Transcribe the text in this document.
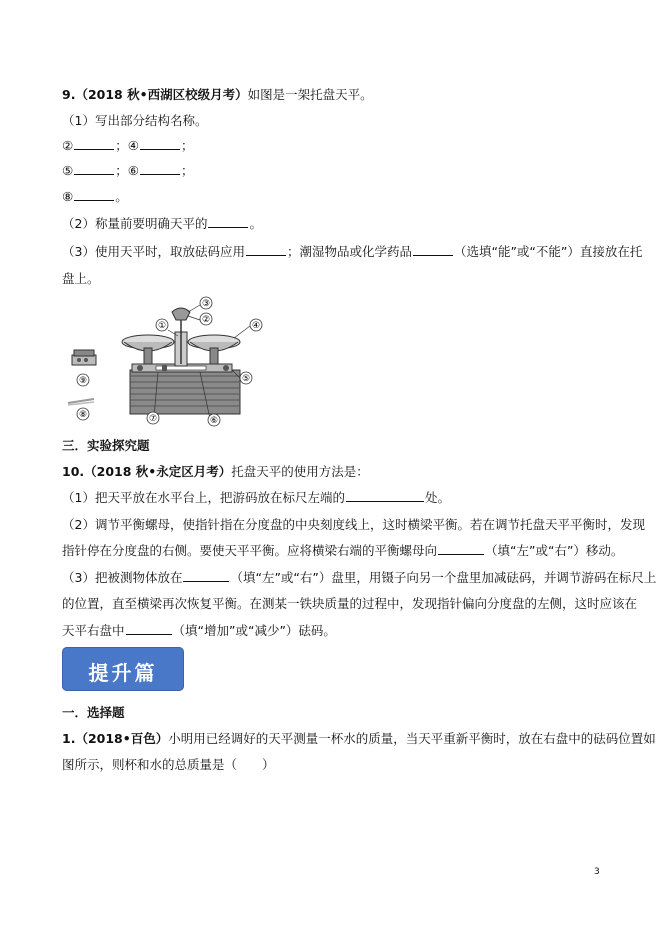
9.（2018 秋•西湖区校级月考）如图是一架托盘天平。
（1）写出部分结构名称。
②	；④	；
⑤	；⑥	；
⑧	。
（2）称量前要明确天平的	。
（3）使用天平时，取放砝码应用	；潮湿物品或化学药品	（选填“能”或“不能”）直接放在托
盘上。
①
②
③
④
⑤
⑥
⑦
⑧
⑨
三．实验探究题
10.（2018 秋•永定区月考）托盘天平的使用方法是：
（1）把天平放在水平台上，把游码放在标尺左端的	处。
（2）调节平衡螺母，使指针指在分度盘的中央刻度线上，这时横梁平衡。若在调节托盘天平平衡时，发现
指针停在分度盘的右侧。要使天平平衡。应将横梁右端的平衡螺母向	（填“左”或“右”）移动。
（3）把被测物体放在	（填“左”或“右”）盘里，用镊子向另一个盘里加减砝码，并调节游码在标尺上
的位置，直至横梁再次恢复平衡。在测某一铁块质量的过程中，发现指针偏向分度盘的左侧，这时应该在
天平右盘中	（填“增加”或“减少”）砝码。
提升篇
一．选择题
1.（2018•百色）小明用已经调好的天平测量一杯水的质量，当天平重新平衡时，放在右盘中的砝码位置如
图所示，则杯和水的总质量是（　　）
3
